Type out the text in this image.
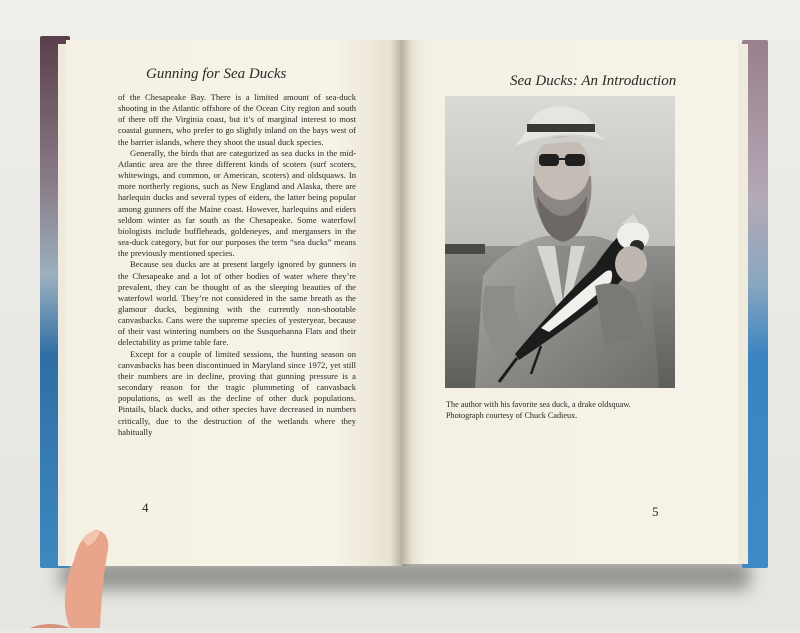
Gunning for Sea Ducks

of the Chesapeake Bay. There is a limited amount of sea-duck shooting in the Atlantic offshore of the Ocean City region and south of there off the Virginia coast, but it’s of marginal interest to most coastal gunners, who prefer to go slightly inland on the bays west of the barrier islands, where they shoot the usual duck species.

Generally, the birds that are categorized as sea ducks in the mid-Atlantic area are the three different kinds of scoters (surf scoters, whitewings, and common, or American, scoters) and oldsquaws. In more northerly regions, such as New England and Alaska, there are harlequin ducks and several types of eiders, the latter being popular among gunners off the Maine coast. However, harlequins and eiders seldom winter as far south as the Chesapeake. Some waterfowl biologists include buffleheads, goldeneyes, and mergansers in the sea-duck category, but for our purposes the term “sea ducks” means the previously mentioned species.

Because sea ducks are at present largely ignored by gunners in the Chesapeake and a lot of other bodies of water where they’re prevalent, they can be thought of as the sleeping beauties of the waterfowl world. They’re not considered in the same breath as the glamour ducks, beginning with the currently non-shootable canvasbacks. Cans were the supreme species of yesteryear, because of their vast wintering numbers on the Susquehanna Flats and their delectability as prime table fare.

Except for a couple of limited sessions, the hunting season on canvasbacks has been discontinued in Maryland since 1972, yet still their numbers are in decline, proving that gunning pressure is a secondary reason for the tragic plummeting of canvasback populations, as well as the decline of other duck populations. Pintails, black ducks, and other species have decreased in numbers critically, due to the destruction of the wetlands where they habitually

4
Sea Ducks: An Introduction
The author with his favorite sea duck, a drake oldsquaw.
Photograph courtesy of Chuck Cadieux.
5
